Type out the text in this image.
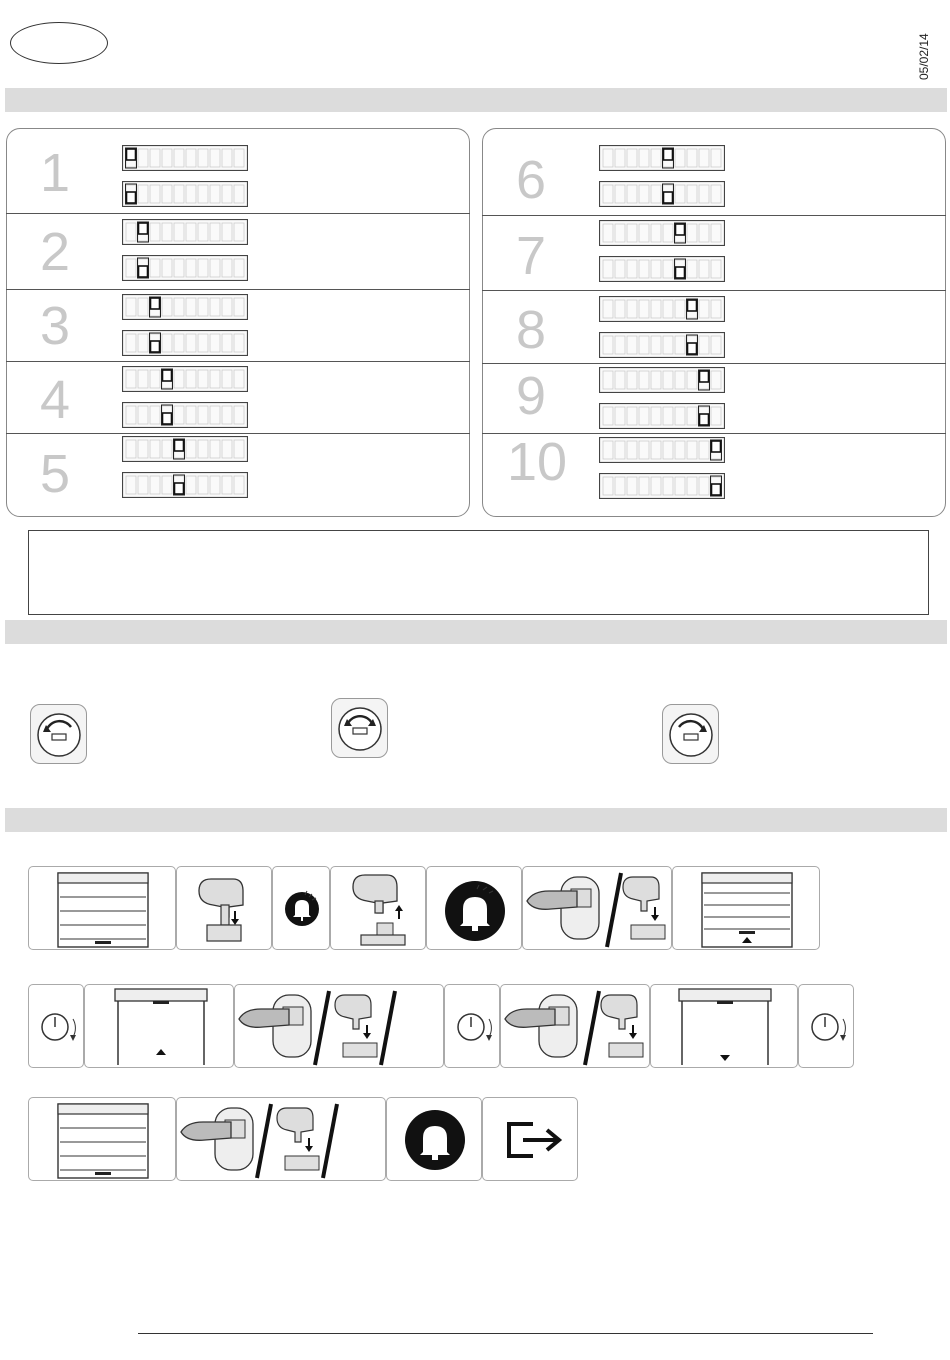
05/02/14
1
2
3
4
5
6
7
8
9
10
